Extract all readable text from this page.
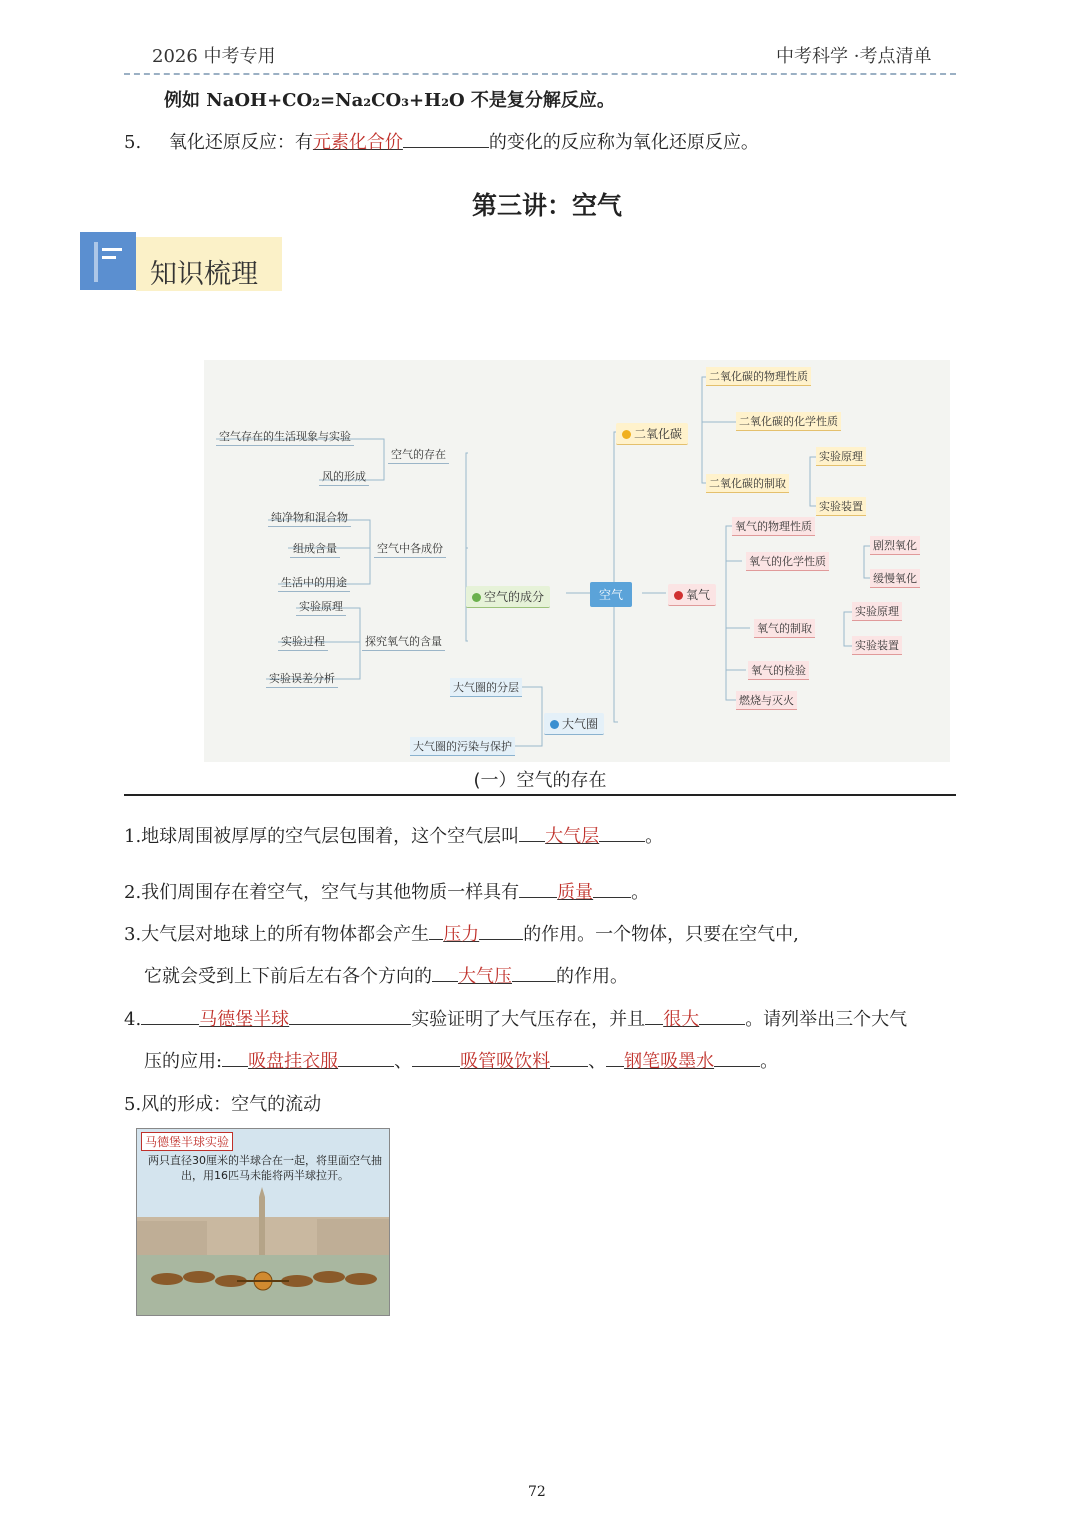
2026 中考专用	中考科学 ·考点清单
例如 NaOH+CO₂=Na₂CO₃+H₂O 不是复分解反应。
5. 氧化还原反应：有元素化合价	的变化的反应称为氧化还原反应。
第三讲：空气
知识梳理
空气
空气的成分
空气的存在
空气存在的生活现象与实验
风的形成
空气中各成份
纯净物和混合物
组成含量
生活中的用途
探究氧气的含量
实验原理
实验过程
实验误差分析
大气圈
大气圈的分层
大气圈的污染与保护
二氧化碳
二氧化碳的物理性质
二氧化碳的化学性质
二氧化碳的制取
实验原理
实验装置
氧气
氧气的物理性质
氧气的化学性质
氧气的制取
氧气的检验
燃烧与灭火
剧烈氧化
缓慢氧化
实验原理
实验装置
(一）空气的存在
1.地球周围被厚厚的空气层包围着，这个空气层叫 大气层	。
2.我们周围存在着空气，空气与其他物质一样具有 质量 。
3.大气层对地球上的所有物体都会产生 压力 的作用。一个物体，只要在空气中,
它就会受到上下前后左右各个方向的 大气压 的作用。
4.	马德堡半球	实验证明了大气压存在，并且 很大	。请列举出三个大气
压的应用: 吸盘挂衣服	、	吸管吸饮料 、 钢笔吸墨水	。
5.风的形成：空气的流动
马德堡半球实验
两只直径30厘米的半球合在一起，将里面空气抽出，用16匹马未能将两半球拉开。
72
